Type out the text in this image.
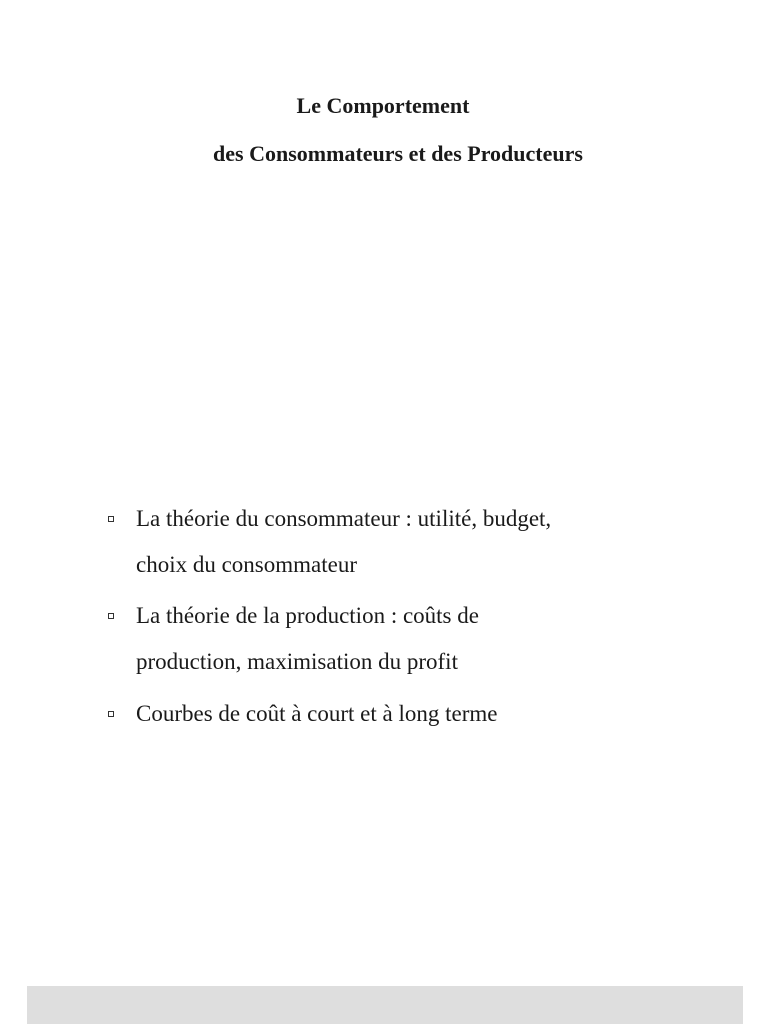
Le Comportement
des Consommateurs et des Producteurs
La théorie du consommateur : utilité, budget,
choix du consommateur
La théorie de la production : coûts de
production, maximisation du profit
Courbes de coût à court et à long terme
